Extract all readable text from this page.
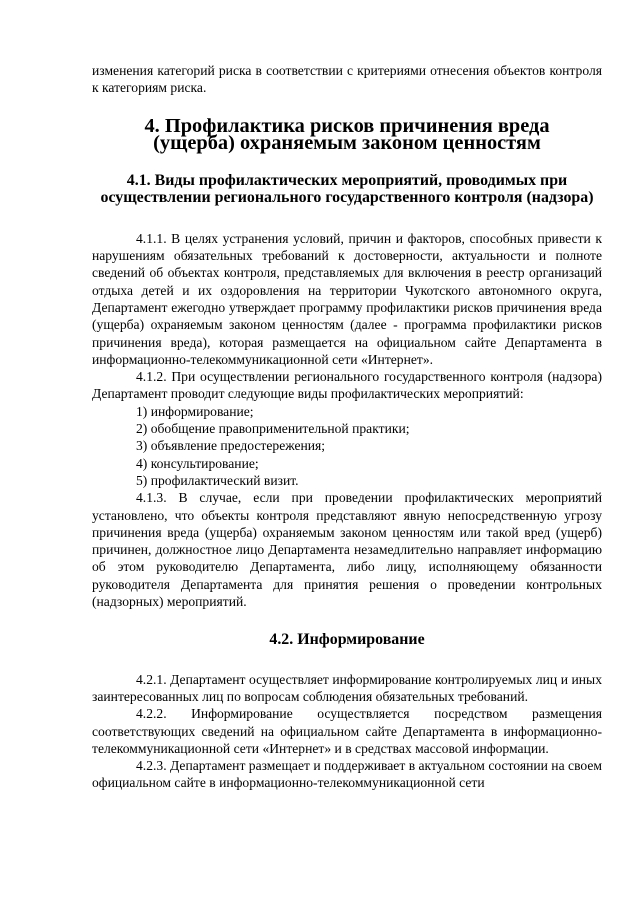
изменения категорий риска в соответствии с критериями отнесения объектов контроля к категориям риска.

4. Профилактика рисков причинения вреда (ущерба) охраняемым законом ценностям
4.1. Виды профилактических мероприятий, проводимых при осуществлении регионального государственного контроля (надзора)

4.1.1. В целях устранения условий, причин и факторов, способных привести к нарушениям обязательных требований к достоверности, актуальности и полноте сведений об объектах контроля, представляемых для включения в реестр организаций отдыха детей и их оздоровления на территории Чукотского автономного округа, Департамент ежегодно утверждает программу профилактики рисков причинения вреда (ущерба) охраняемым законом ценностям (далее - программа профилактики рисков причинения вреда), которая размещается на официальном сайте Департамента в информационно-телекоммуникационной сети «Интернет».

4.1.2. При осуществлении регионального государственного контроля (надзора) Департамент проводит следующие виды профилактических мероприятий:

1) информирование;

2) обобщение правоприменительной практики;

3) объявление предостережения;

4) консультирование;

5) профилактический визит.

4.1.3. В случае, если при проведении профилактических мероприятий установлено, что объекты контроля представляют явную непосредственную угрозу причинения вреда (ущерба) охраняемым законом ценностям или такой вред (ущерб) причинен, должностное лицо Департамента незамедлительно направляет информацию об этом руководителю Департамента, либо лицу, исполняющему обязанности руководителя Департамента для принятия решения о проведении контрольных (надзорных) мероприятий.

4.2. Информирование

4.2.1. Департамент осуществляет информирование контролируемых лиц и иных заинтересованных лиц по вопросам соблюдения обязательных требований.

4.2.2. Информирование осуществляется посредством размещения соответствующих сведений на официальном сайте Департамента в информационно-телекоммуникационной сети «Интернет» и в средствах массовой информации.

4.2.3. Департамент размещает и поддерживает в актуальном состоянии на своем официальном сайте в информационно-телекоммуникационной сети
